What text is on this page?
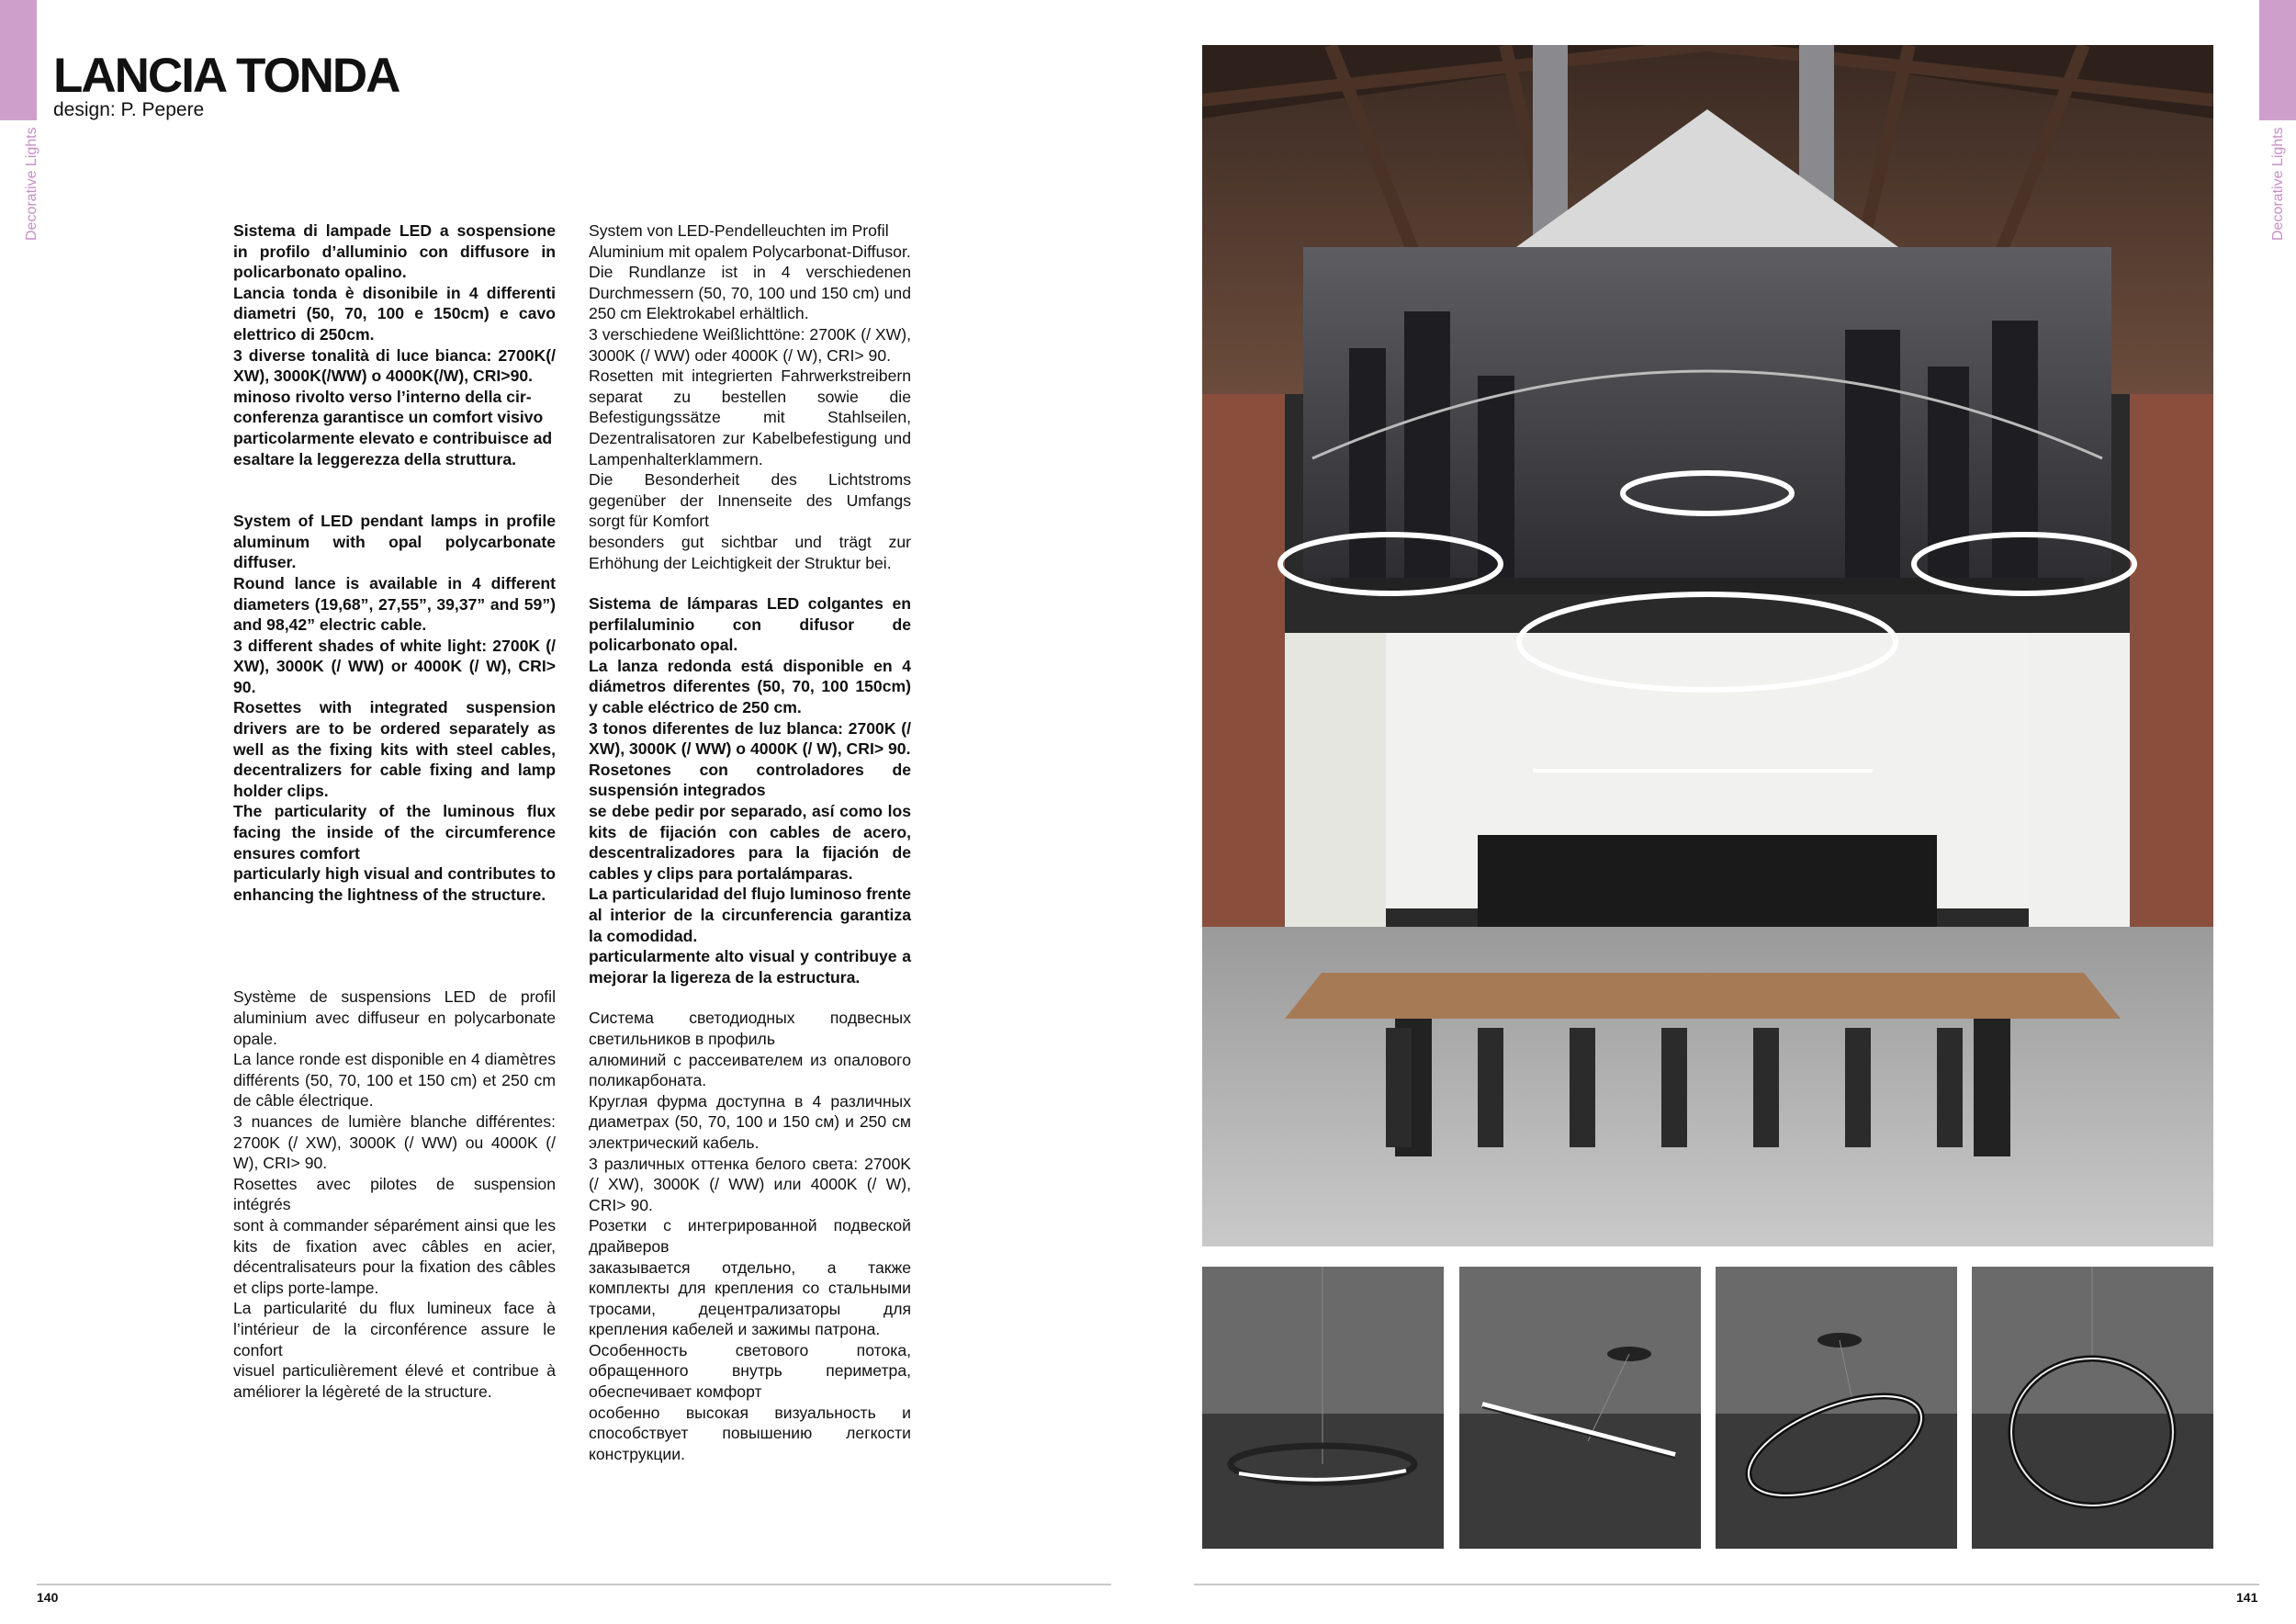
Decorative Lights	Decorative Lights
LANCIA TONDA
design: P. Pepere

Sistema di lampade LED a sospensione in profilo d’alluminio con diffusore in policarbonato opalino.

Lancia tonda è disonibile in 4 differenti diametri (50, 70, 100 e 150cm) e cavo elettrico di 250cm.

3 diverse tonalità di luce bianca: 2700K(/ XW), 3000K(/WW) o 4000K(/W), CRI>90.

minoso rivolto verso l’interno della cir- conferenza garantisce un comfort visivo particolarmente elevato e contribuisce ad esaltare la leggerezza della struttura.

System of LED pendant lamps in profile aluminum with opal polycarbonate diffuser.

Round lance is available in 4 different diameters (19,68”, 27,55”, 39,37” and 59”) and 98,42” electric cable.

3 different shades of white light: 2700K (/ XW), 3000K (/ WW) or 4000K (/ W), CRI> 90.

Rosettes with integrated suspension drivers are to be ordered separately as well as the fixing kits with steel cables, decentralizers for cable fixing and lamp holder clips.

The particularity of the luminous flux facing the inside of the circumference ensures comfort

particularly high visual and contributes to enhancing the lightness of the structure.

Système de suspensions LED de profil aluminium avec diffuseur en polycarbonate opale.

La lance ronde est disponible en 4 diamètres différents (50, 70, 100 et 150 cm) et 250 cm de câble électrique.

3 nuances de lumière blanche différentes: 2700K (/ XW), 3000K (/ WW) ou 4000K (/ W), CRI> 90.

Rosettes avec pilotes de suspension intégrés

sont à commander séparément ainsi que les kits de fixation avec câbles en acier, décentralisateurs pour la fixation des câbles et clips porte-lampe.

La particularité du flux lumineux face à l’intérieur de la circonférence assure le confort

visuel particulièrement élevé et contribue à améliorer la légèreté de la structure.

System von LED-Pendelleuchten im Profil Aluminium mit opalem Polycarbonat-Diffusor.

Die Rundlanze ist in 4 verschiedenen Durchmessern (50, 70, 100 und 150 cm) und 250 cm Elektrokabel erhältlich.

3 verschiedene Weißlichttöne: 2700K (/ XW), 3000K (/ WW) oder 4000K (/ W), CRI> 90.

Rosetten mit integrierten Fahrwerkstreibern separat zu bestellen sowie die Befestigungssätze mit Stahlseilen, Dezentralisatoren zur Kabelbefestigung und Lampenhalterklammern.

Die Besonderheit des Lichtstroms gegenüber der Innenseite des Umfangs sorgt für Komfort

besonders gut sichtbar und trägt zur Erhöhung der Leichtigkeit der Struktur bei.

Sistema de lámparas LED colgantes en perfilaluminio con difusor de policarbonato opal.

La lanza redonda está disponible en 4 diámetros diferentes (50, 70, 100 150cm) y cable eléctrico de 250 cm.

3 tonos diferentes de luz blanca: 2700K (/ XW), 3000K (/ WW) o 4000K (/ W), CRI> 90.

Rosetones con controladores de suspensión integrados

se debe pedir por separado, así como los kits de fijación con cables de acero, descentralizadores para la fijación de cables y clips para portalámparas.

La particularidad del flujo luminoso frente al interior de la circunferencia garantiza la comodidad.

particularmente alto visual y contribuye a mejorar la ligereza de la estructura.

Система светодиодных подвесных светильников в профиль

алюминий с рассеивателем из опалового поликарбоната.

Круглая фурма доступна в 4 различных диаметрах (50, 70, 100 и 150 см) и 250 см электрический кабель.

3 различных оттенка белого света: 2700K (/ XW), 3000K (/ WW) или 4000K (/ W), CRI> 90.

Розетки с интегрированной подвеской драйверов

заказывается отдельно, а также комплекты для крепления со стальными тросами, децентрализаторы для крепления кабелей и зажимы патрона.

Особенность светового потока, обращенного внутрь периметра, обеспечивает комфорт

особенно высокая визуальность и способствует повышению легкости конструкции.

140	141
